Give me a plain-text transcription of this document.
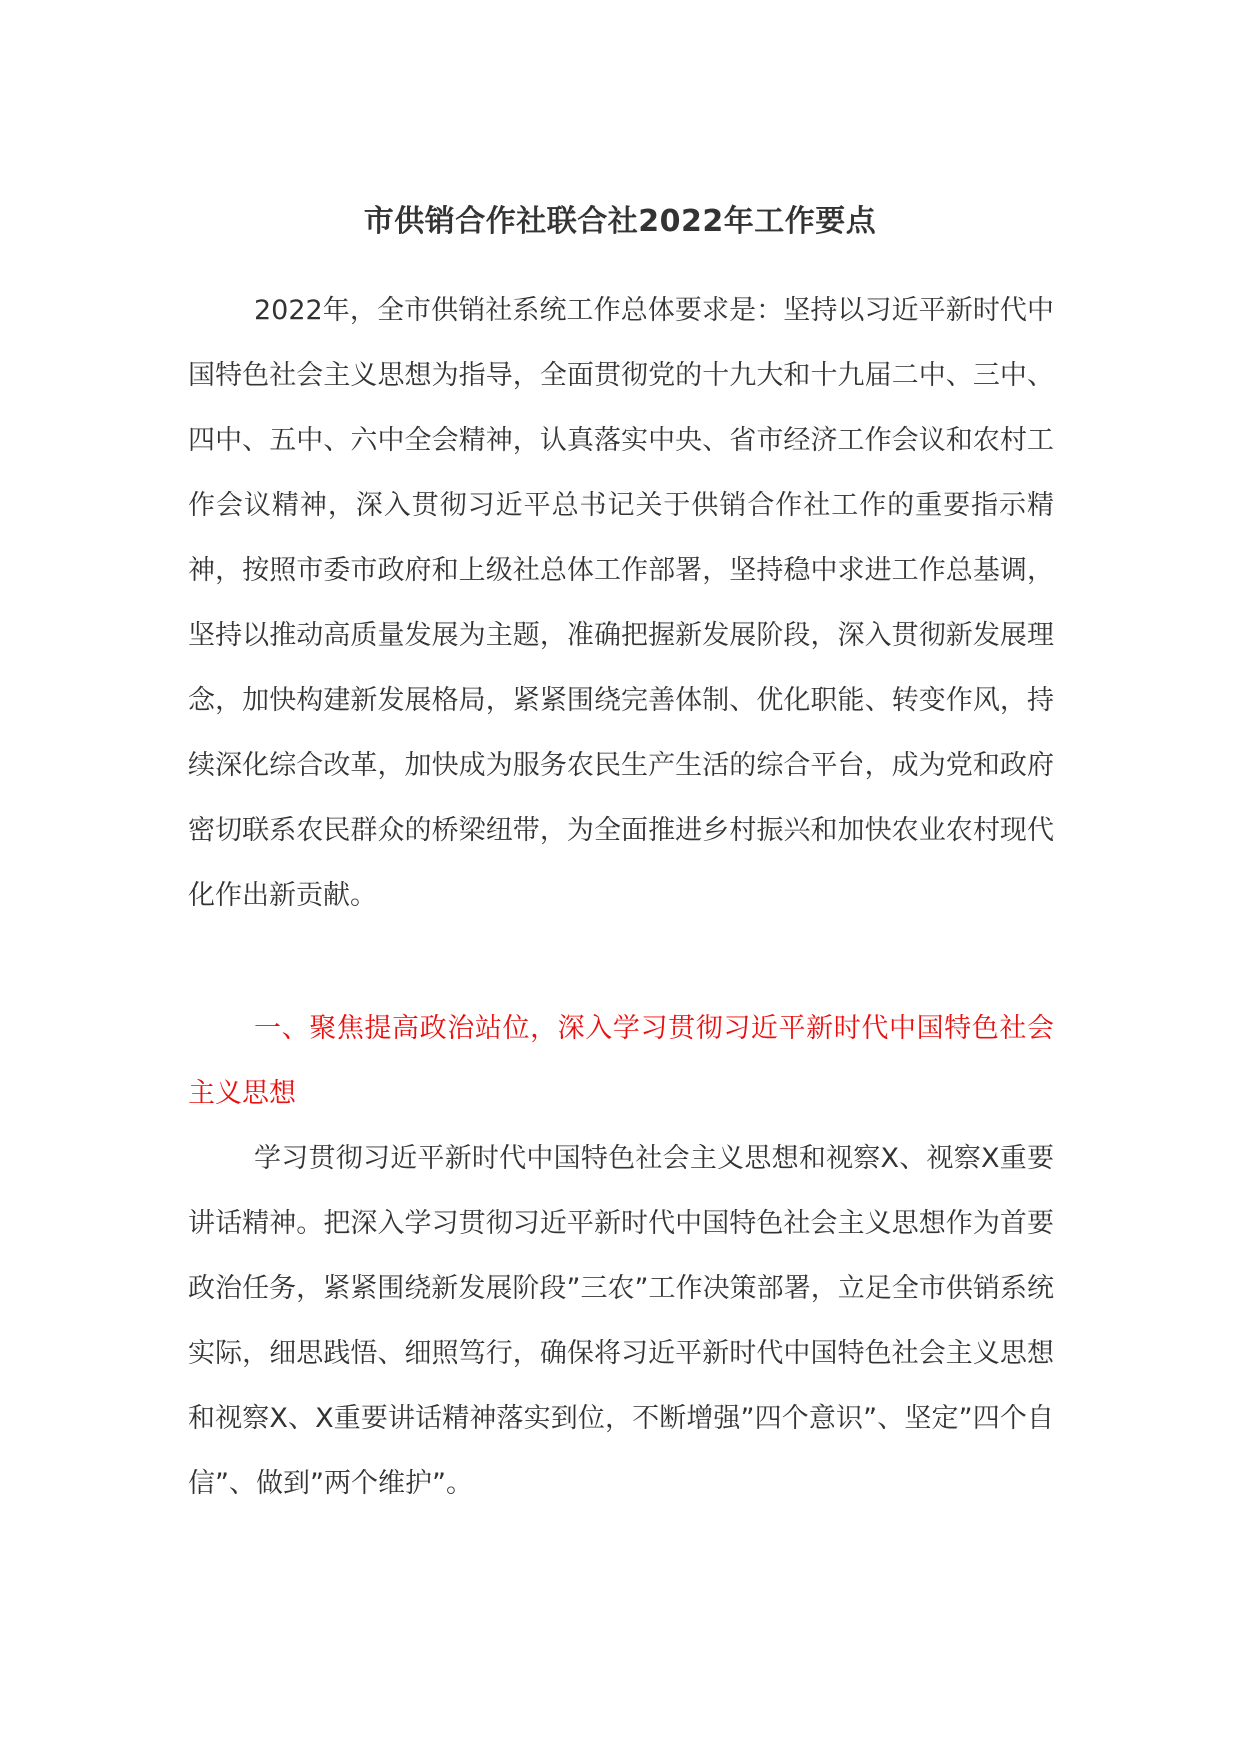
市供销合作社联合社2022年工作要点

2022年，全市供销社系统工作总体要求是：坚持以习近平新时代中国特色社会主义思想为指导，全面贯彻党的十九大和十九届二中、三中、四中、五中、六中全会精神，认真落实中央、省市经济工作会议和农村工作会议精神，深入贯彻习近平总书记关于供销合作社工作的重要指示精神，按照市委市政府和上级社总体工作部署，坚持稳中求进工作总基调，坚持以推动高质量发展为主题，准确把握新发展阶段，深入贯彻新发展理念，加快构建新发展格局，紧紧围绕完善体制、优化职能、转变作风，持续深化综合改革，加快成为服务农民生产生活的综合平台，成为党和政府密切联系农民群众的桥梁纽带，为全面推进乡村振兴和加快农业农村现代化作出新贡献。

一、聚焦提高政治站位，深入学习贯彻习近平新时代中国特色社会主义思想

学习贯彻习近平新时代中国特色社会主义思想和视察X、视察X重要讲话精神。把深入学习贯彻习近平新时代中国特色社会主义思想作为首要政治任务，紧紧围绕新发展阶段”三农”工作决策部署，立足全市供销系统实际，细思践悟、细照笃行，确保将习近平新时代中国特色社会主义思想和视察X、X重要讲话精神落实到位，不断增强”四个意识”、坚定”四个自信”、做到”两个维护”。
